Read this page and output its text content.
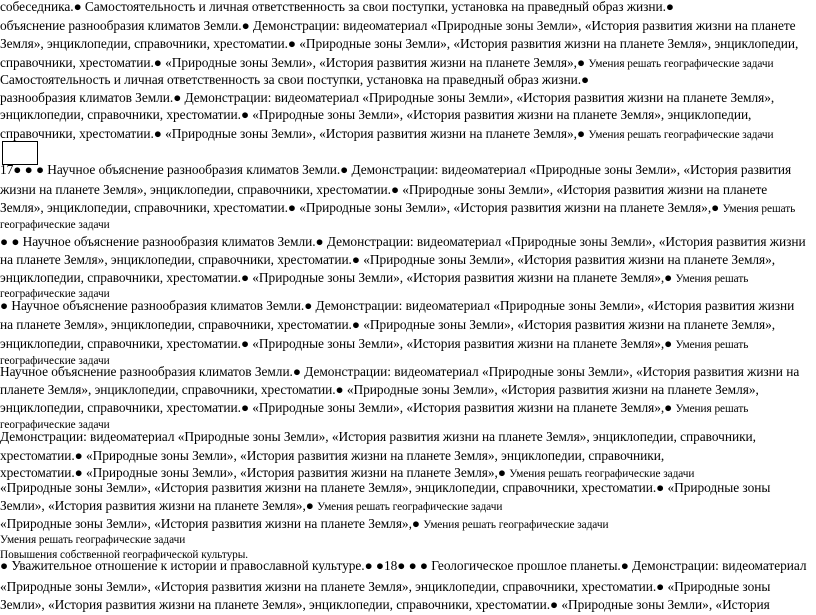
собеседника.● Самостоятельность и личная ответственность за свои поступки, установка на праведный образ жизни.●
объяснение разнообразия климатов Земли.● Демонстрации: видеоматериал «Природные зоны Земли», «История развития жизни на планете
Земля», энциклопедии, справочники, хрестоматии.● «Природные зоны Земли», «История развития жизни на планете Земля», энциклопедии,
справочники, хрестоматии.● «Природные зоны Земли», «История развития жизни на планете Земля»,● Умения решать географические задачи
Самостоятельность и личная ответственность за свои поступки, установка на праведный образ жизни.●
разнообразия климатов Земли.● Демонстрации: видеоматериал «Природные зоны Земли», «История развития жизни на планете Земля»,
энциклопедии, справочники, хрестоматии.● «Природные зоны Земли», «История развития жизни на планете Земля», энциклопедии,
справочники, хрестоматии.● «Природные зоны Земли», «История развития жизни на планете Земля»,● Умения решать географические задачи
17● ● ● Научное объяснение разнообразия климатов Земли.● Демонстрации: видеоматериал «Природные зоны Земли», «История развития
жизни на планете Земля», энциклопедии, справочники, хрестоматии.● «Природные зоны Земли», «История развития жизни на планете
Земля», энциклопедии, справочники, хрестоматии.● «Природные зоны Земли», «История развития жизни на планете Земля»,● Умения решать
географические задачи
● ● Научное объяснение разнообразия климатов Земли.● Демонстрации: видеоматериал «Природные зоны Земли», «История развития жизни
на планете Земля», энциклопедии, справочники, хрестоматии.● «Природные зоны Земли», «История развития жизни на планете Земля»,
энциклопедии, справочники, хрестоматии.● «Природные зоны Земли», «История развития жизни на планете Земля»,● Умения решать
географические задачи
● Научное объяснение разнообразия климатов Земли.● Демонстрации: видеоматериал «Природные зоны Земли», «История развития жизни
на планете Земля», энциклопедии, справочники, хрестоматии.● «Природные зоны Земли», «История развития жизни на планете Земля»,
энциклопедии, справочники, хрестоматии.● «Природные зоны Земли», «История развития жизни на планете Земля»,● Умения решать
географические задачи
Научное объяснение разнообразия климатов Земли.● Демонстрации: видеоматериал «Природные зоны Земли», «История развития жизни на
планете Земля», энциклопедии, справочники, хрестоматии.● «Природные зоны Земли», «История развития жизни на планете Земля»,
энциклопедии, справочники, хрестоматии.● «Природные зоны Земли», «История развития жизни на планете Земля»,● Умения решать
географические задачи
Демонстрации: видеоматериал «Природные зоны Земли», «История развития жизни на планете Земля», энциклопедии, справочники,
хрестоматии.● «Природные зоны Земли», «История развития жизни на планете Земля», энциклопедии, справочники,
хрестоматии.● «Природные зоны Земли», «История развития жизни на планете Земля»,● Умения решать географические задачи
«Природные зоны Земли», «История развития жизни на планете Земля», энциклопедии, справочники, хрестоматии.● «Природные зоны
Земли», «История развития жизни на планете Земля»,● Умения решать географические задачи
«Природные зоны Земли», «История развития жизни на планете Земля»,● Умения решать географические задачи
Умения решать географические задачи
Повышения собственной географической культуры.
● Уважительное отношение к истории и православной культуре.● ●18● ● ● Геологическое прошлое планеты.● Демонстрации: видеоматериал
«Природные зоны Земли», «История развития жизни на планете Земля», энциклопедии, справочники, хрестоматии.● «Природные зоны
Земли», «История развития жизни на планете Земля», энциклопедии, справочники, хрестоматии.● «Природные зоны Земли», «История
